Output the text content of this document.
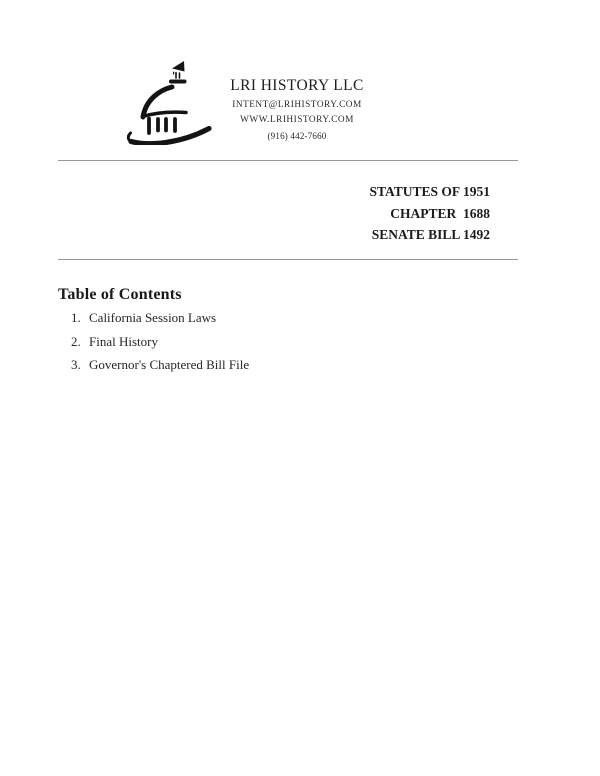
LRI HISTORY LLC
INTENT@LRIHISTORY.COM
WWW.LRIHISTORY.COM
(916) 442-7660
STATUTES OF 1951
CHAPTER  1688
SENATE BILL 1492
Table of Contents
1. California Session Laws
2. Final History
3. Governor's Chaptered Bill File
